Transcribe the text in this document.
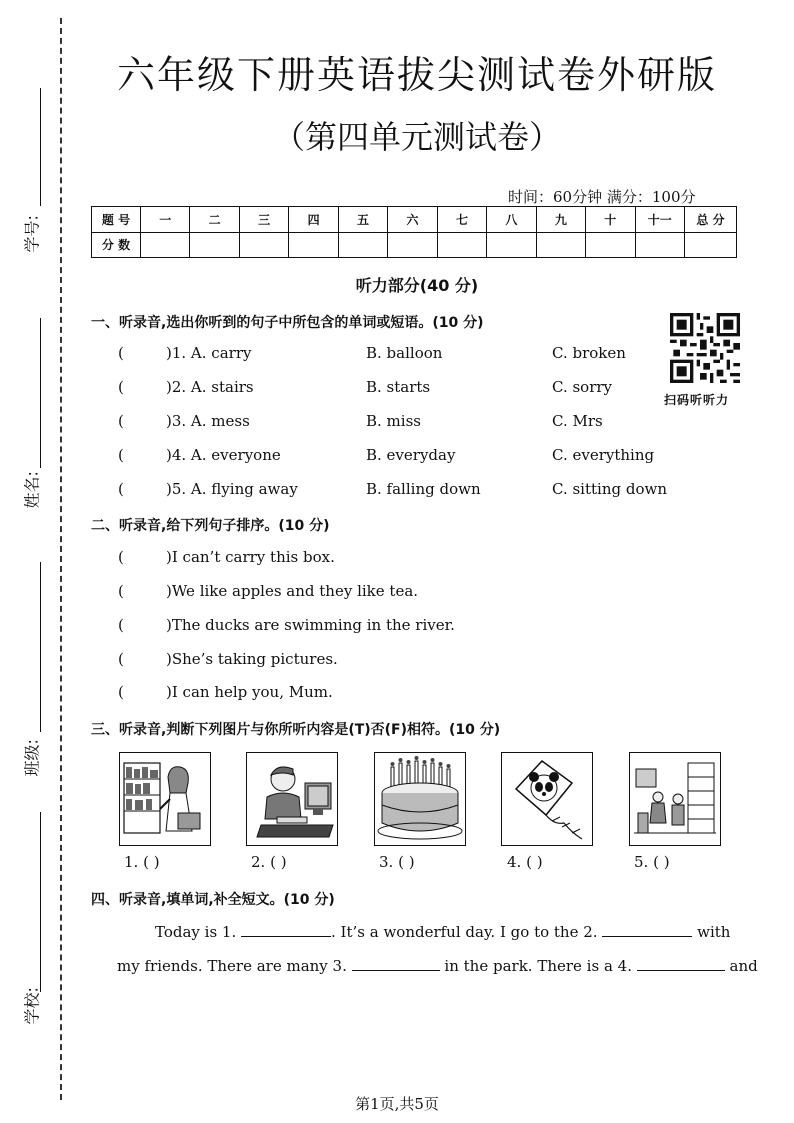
学号:
姓名:
班级:
学校:
六年级下册英语拔尖测试卷外研版
（第四单元测试卷）
时间：60分钟 满分：100分
题 号	一	二	三	四	五	六	七	八	九	十	十一	总 分
分 数												
听力部分(40 分)
扫码听听力
一、听录音,选出你听到的句子中所包含的单词或短语。(10 分)
(	)1. A. carry	B. balloon	C. broken
(	)2. A. stairs	B. starts	C. sorry
(	)3. A. mess	B. miss	C. Mrs
(	)4. A. everyone	B. everyday	C. everything
(	)5. A. flying away	B. falling down	C. sitting down
二、听录音,给下列句子排序。(10 分)
(	)I can’t carry this box.
(	)We like apples and they like tea.
(	)The ducks are swimming in the river.
(	)She’s taking pictures.
(	)I can help you, Mum.
三、听录音,判断下列图片与你所听内容是(T)否(F)相符。(10 分)
1. ( )	2. ( )	3. ( )	4. ( )	5. ( )
四、听录音,填单词,补全短文。(10 分)
Today is 1.	. It’s a wonderful day. I go to the 2.	with
my friends. There are many 3.	in the park. There is a 4.	and
第1页,共5页
